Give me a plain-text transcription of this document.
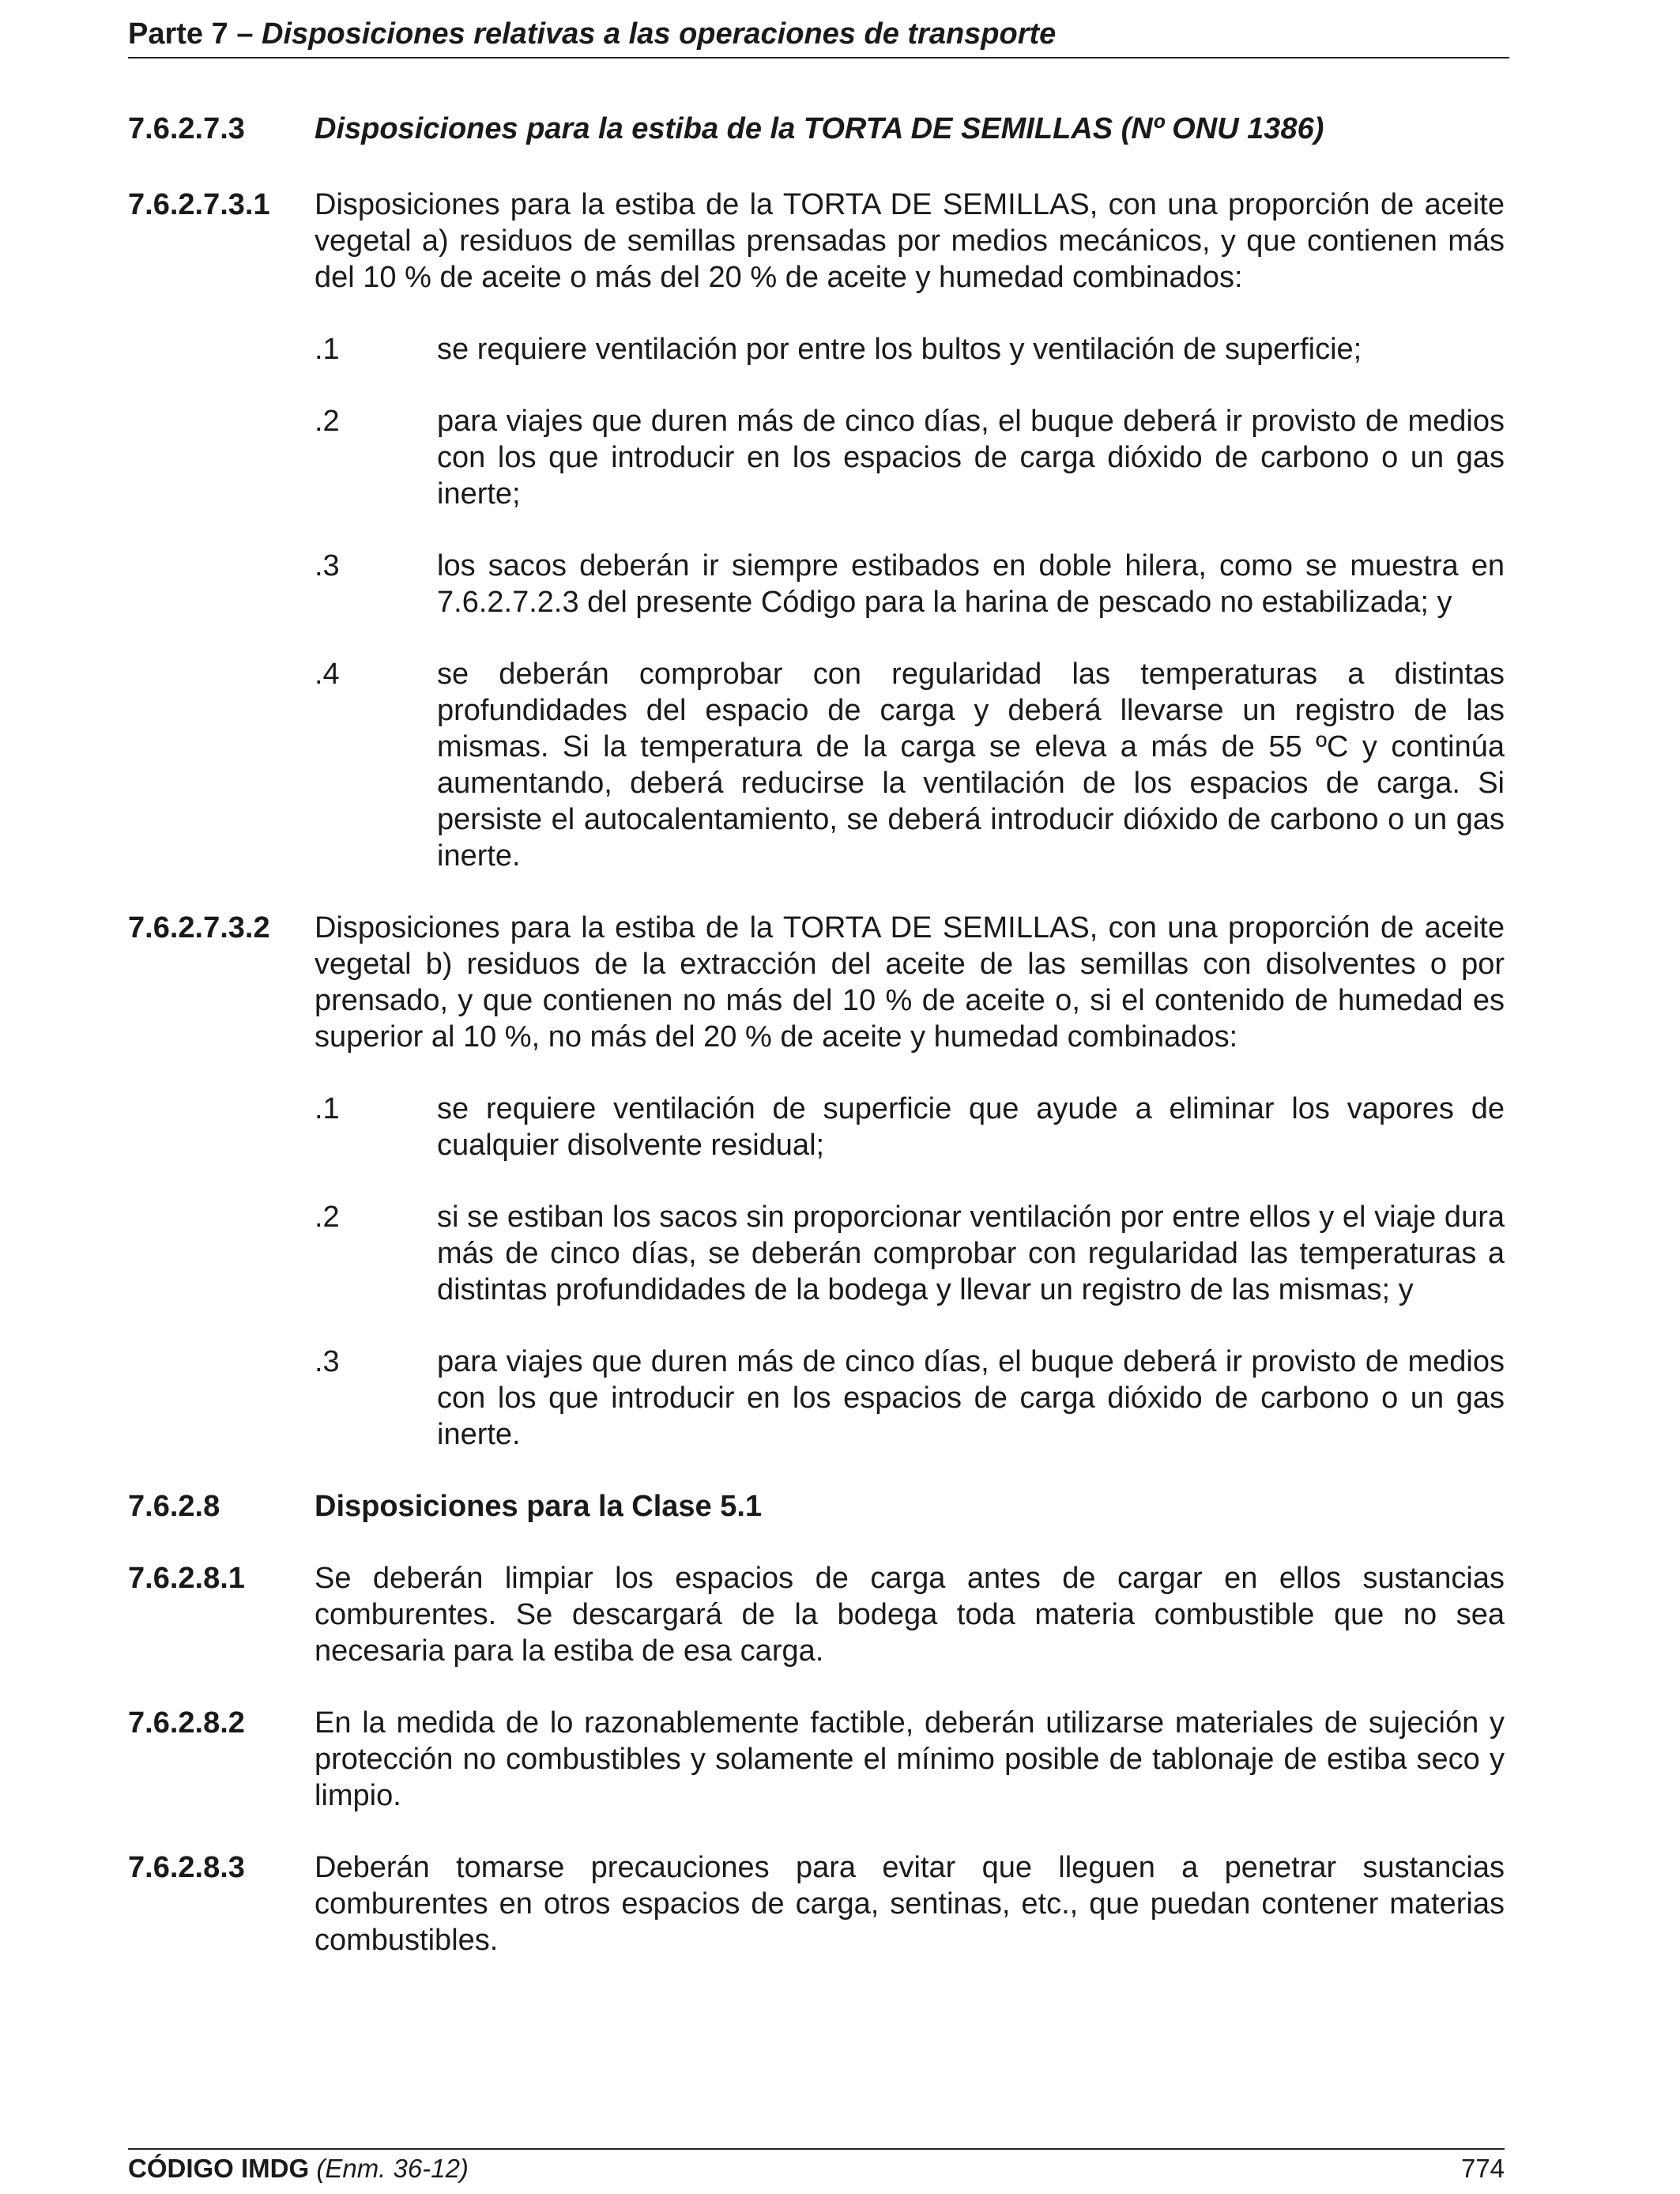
Parte 7 – Disposiciones relativas a las operaciones de transporte
7.6.2.7.3	Disposiciones para la estiba de la TORTA DE SEMILLAS (Nº ONU 1386)
7.6.2.7.3.1	Disposiciones para la estiba de la TORTA DE SEMILLAS, con una proporción de aceite vegetal a) residuos de semillas prensadas por medios mecánicos, y que contienen más del 10 % de aceite o más del 20 % de aceite y humedad combinados:
.1	se requiere ventilación por entre los bultos y ventilación de superficie;
.2	para viajes que duren más de cinco días, el buque deberá ir provisto de medios con los que introducir en los espacios de carga dióxido de carbono o un gas inerte;
.3	los sacos deberán ir siempre estibados en doble hilera, como se muestra en 7.6.2.7.2.3 del presente Código para la harina de pescado no estabilizada; y
.4	se deberán comprobar con regularidad las temperaturas a distintas profundidades del espacio de carga y deberá llevarse un registro de las mismas. Si la temperatura de la carga se eleva a más de 55 ºC y continúa aumentando, deberá reducirse la ventilación de los espacios de carga. Si persiste el autocalentamiento, se deberá introducir dióxido de carbono o un gas inerte.
7.6.2.7.3.2	Disposiciones para la estiba de la TORTA DE SEMILLAS, con una proporción de aceite vegetal b) residuos de la extracción del aceite de las semillas con disolventes o por prensado, y que contienen no más del 10 % de aceite o, si el contenido de humedad es superior al 10 %, no más del 20 % de aceite y humedad combinados:
.1	se requiere ventilación de superficie que ayude a eliminar los vapores de cualquier disolvente residual;
.2	si se estiban los sacos sin proporcionar ventilación por entre ellos y el viaje dura más de cinco días, se deberán comprobar con regularidad las temperaturas a distintas profundidades de la bodega y llevar un registro de las mismas; y
.3	para viajes que duren más de cinco días, el buque deberá ir provisto de medios con los que introducir en los espacios de carga dióxido de carbono o un gas inerte.
7.6.2.8	Disposiciones para la Clase 5.1
7.6.2.8.1	Se deberán limpiar los espacios de carga antes de cargar en ellos sustancias comburentes. Se descargará de la bodega toda materia combustible que no sea necesaria para la estiba de esa carga.
7.6.2.8.2	En la medida de lo razonablemente factible, deberán utilizarse materiales de sujeción y protección no combustibles y solamente el mínimo posible de tablonaje de estiba seco y limpio.
7.6.2.8.3	Deberán tomarse precauciones para evitar que lleguen a penetrar sustancias comburentes en otros espacios de carga, sentinas, etc., que puedan contener materias combustibles.
CÓDIGO IMDG (Enm. 36-12)	774
